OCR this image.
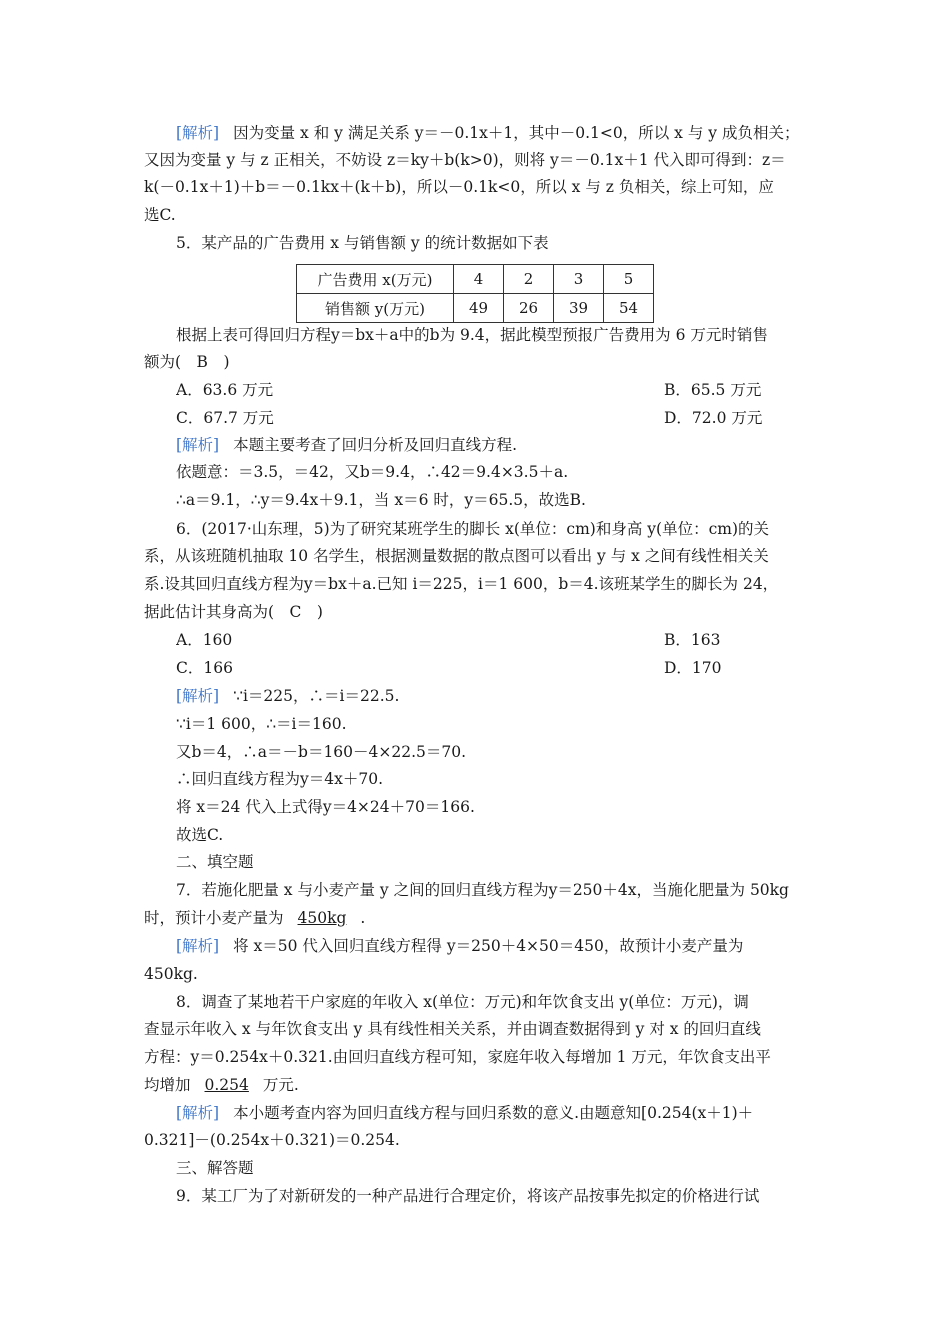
[解析] 因为变量 x 和 y 满足关系 y＝－0.1x＋1，其中－0.1<0，所以 x 与 y 成负相关；
又因为变量 y 与 z 正相关，不妨设 z＝ky＋b(k>0)，则将 y＝－0.1x＋1 代入即可得到：z＝
k(－0.1x＋1)＋b＝－0.1kx＋(k＋b)，所以－0.1k<0，所以 x 与 z 负相关，综上可知，应
选C.
5．某产品的广告费用 x 与销售额 y 的统计数据如下表
广告费用 x(万元)	4	2	3	5
销售额 y(万元)	49	26	39	54
根据上表可得回归方程y＝bx＋a中的b为 9.4，据此模型预报广告费用为 6 万元时销售
额为(　B　)
A．63.6 万元	B．65.5 万元
C．67.7 万元	D．72.0 万元
[解析] 本题主要考查了回归分析及回归直线方程.
依题意：＝3.5，＝42，又b＝9.4，∴42＝9.4×3.5＋a.
∴a＝9.1，∴y＝9.4x＋9.1，当 x＝6 时，y＝65.5，故选B.
6．(2017·山东理，5)为了研究某班学生的脚长 x(单位：cm)和身高 y(单位：cm)的关
系，从该班随机抽取 10 名学生，根据测量数据的散点图可以看出 y 与 x 之间有线性相关关
系.设其回归直线方程为y＝bx＋a.已知 i＝225，i＝1 600，b＝4.该班某学生的脚长为 24，
据此估计其身高为(　C　)
A．160	B．163
C．166	D．170
[解析] ∵i＝225，∴＝i＝22.5.
∵i＝1 600，∴＝i＝160.
又b＝4，∴a＝－b＝160－4×22.5＝70.
∴回归直线方程为y＝4x＋70.
将 x＝24 代入上式得y＝4×24＋70＝166.
故选C.
二、填空题
7．若施化肥量 x 与小麦产量 y 之间的回归直线方程为y＝250＋4x，当施化肥量为 50kg
时，预计小麦产量为 450kg .
[解析] 将 x＝50 代入回归直线方程得 y＝250＋4×50＝450，故预计小麦产量为
450kg.
8．调查了某地若干户家庭的年收入 x(单位：万元)和年饮食支出 y(单位：万元)，调
查显示年收入 x 与年饮食支出 y 具有线性相关关系，并由调查数据得到 y 对 x 的回归直线
方程：y＝0.254x＋0.321.由回归直线方程可知，家庭年收入每增加 1 万元，年饮食支出平
均增加 0.254 万元.
[解析] 本小题考查内容为回归直线方程与回归系数的意义.由题意知[0.254(x＋1)＋
0.321]－(0.254x＋0.321)＝0.254.
三、解答题
9．某工厂为了对新研发的一种产品进行合理定价，将该产品按事先拟定的价格进行试
